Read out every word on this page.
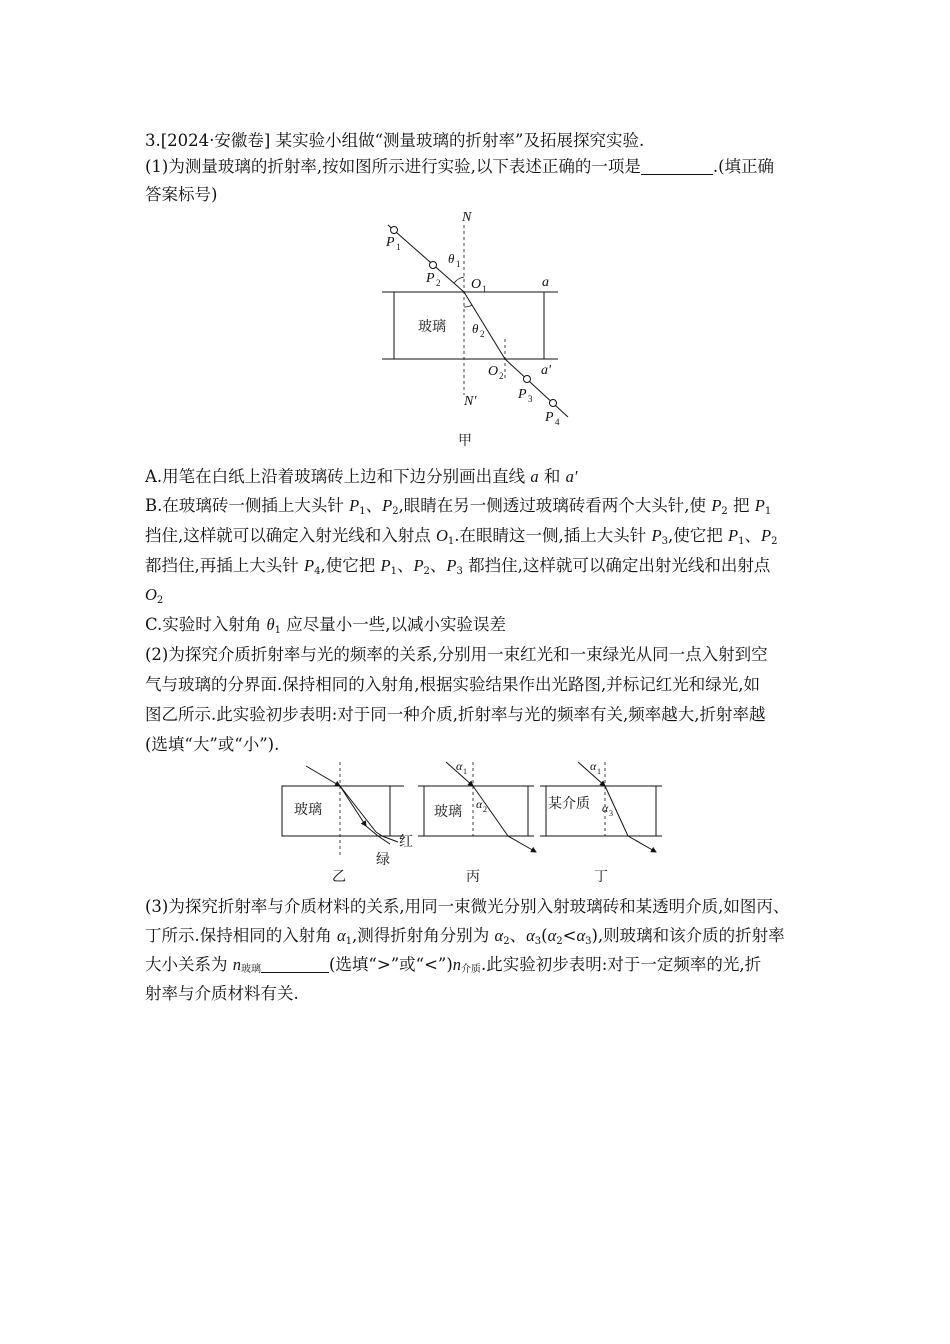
3.[2024·安徽卷] 某实验小组做“测量玻璃的折射率”及拓展探究实验.
(1)为测量玻璃的折射率,按如图所示进行实验,以下表述正确的一项是	.(填正确
答案标号)
N
N′
a
a′
P 1
P 2 O 1
O 2
P 3
P 4
θ 1
θ 2
玻璃
甲
A.用笔在白纸上沿着玻璃砖上边和下边分别画出直线 a 和 a′
B.在玻璃砖一侧插上大头针 $P_1$、$P_2$,眼睛在另一侧透过玻璃砖看两个大头针,使 $P_2$ 把 $P_1$
挡住,这样就可以确定入射光线和入射点 $O_1$.在眼睛这一侧,插上大头针 $P_3$,使它把 $P_1$、$P_2$
都挡住,再插上大头针 $P_4$,使它把 $P_1$、$P_2$、$P_3$ 都挡住,这样就可以确定出射光线和出射点
$O_2$
C.实验时入射角 $\theta_1$ 应尽量小一些,以减小实验误差
(2)为探究介质折射率与光的频率的关系,分别用一束红光和一束绿光从同一点入射到空
气与玻璃的分界面.保持相同的入射角,根据实验结果作出光路图,并标记红光和绿光,如
图乙所示.此实验初步表明:对于同一种介质,折射率与光的频率有关,频率越大,折射率越
(选填“大”或“小”).
玻璃
红
绿
乙
α 1
α 2
玻璃
丙
α 1
α 3
某介质
丁
(3)为探究折射率与介质材料的关系,用同一束微光分别入射玻璃砖和某透明介质,如图丙、
丁所示.保持相同的入射角 $\alpha_1$,测得折射角分别为 $\alpha_2$、$\alpha_3(\alpha_2<\alpha_3)$,则玻璃和该介质的折射率
大小关系为 n玻璃	(选填“>”或“<”)n介质.此实验初步表明:对于一定频率的光,折
射率与介质材料有关.
